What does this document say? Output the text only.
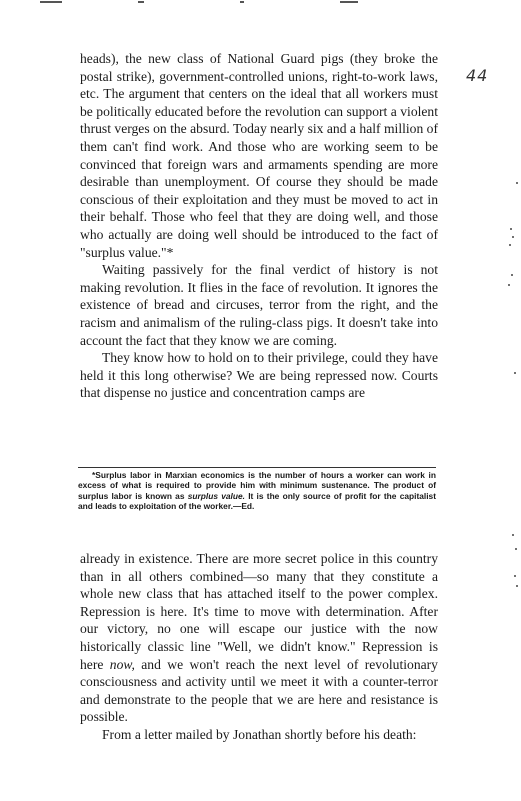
44

heads), the new class of National Guard pigs (they broke the postal strike), government-controlled unions, right-to-work laws, etc. The argument that centers on the ideal that all workers must be politically educated before the revolution can support a violent thrust verges on the absurd. Today nearly six and a half million of them can't find work. And those who are working seem to be convinced that foreign wars and armaments spending are more desirable than unemployment. Of course they should be made conscious of their exploitation and they must be moved to act in their behalf. Those who feel that they are doing well, and those who actually are doing well should be introduced to the fact of "surplus value."*

Waiting passively for the final verdict of history is not making revolution. It flies in the face of revolution. It ignores the existence of bread and circuses, terror from the right, and the racism and animalism of the ruling-class pigs. It doesn't take into account the fact that they know we are coming.

They know how to hold on to their privilege, could they have held it this long otherwise? We are being repressed now. Courts that dispense no justice and concentration camps are

*Surplus labor in Marxian economics is the number of hours a worker can work in excess of what is required to provide him with minimum sustenance. The product of surplus labor is known as surplus value. It is the only source of profit for the capitalist and leads to exploitation of the worker.—Ed.

already in existence. There are more secret police in this country than in all others combined—so many that they constitute a whole new class that has attached itself to the power complex. Repression is here. It's time to move with determination. After our victory, no one will escape our justice with the now historically classic line "Well, we didn't know." Repression is here now, and we won't reach the next level of revolutionary consciousness and activity until we meet it with a counter-terror and demonstrate to the people that we are here and resistance is possible.

From a letter mailed by Jonathan shortly before his death:
